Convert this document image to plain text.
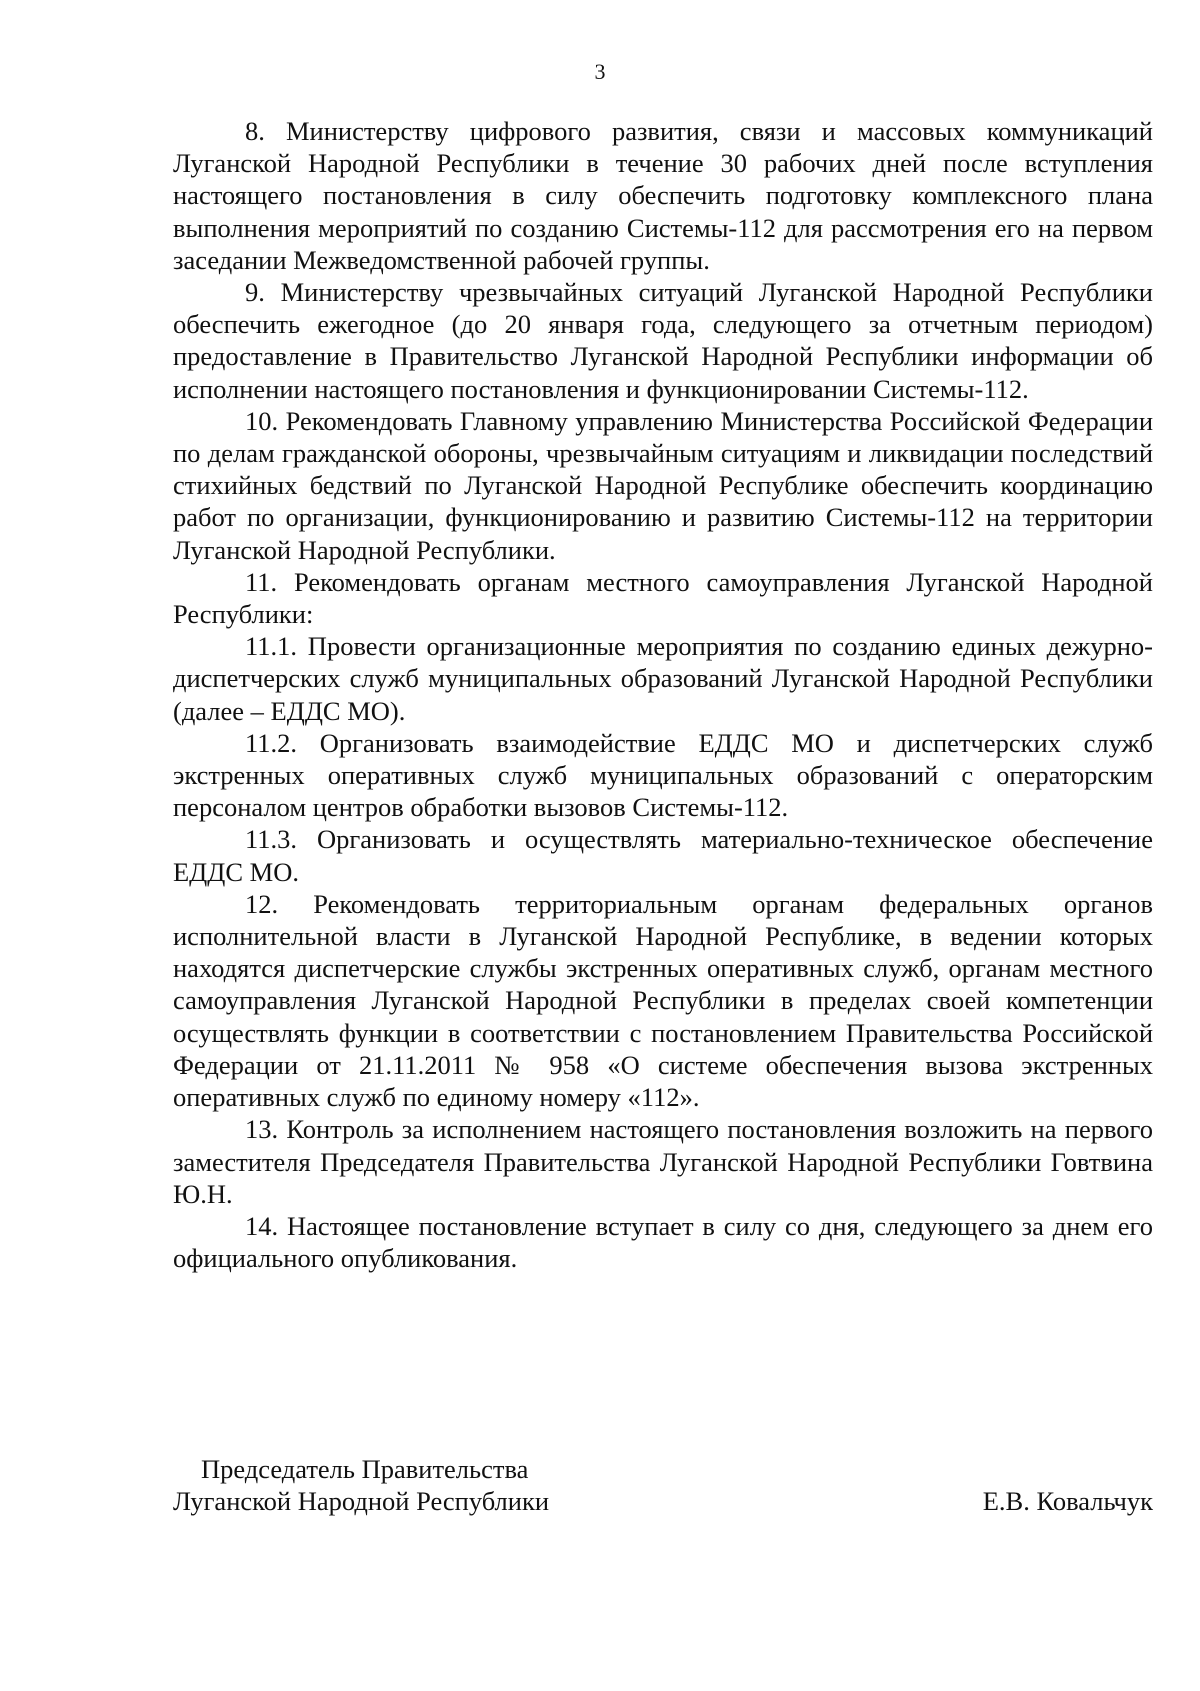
3

8. Министерству цифрового развития, связи и массовых коммуникаций Луганской Народной Республики в течение 30 рабочих дней после вступления настоящего постановления в силу обеспечить подготовку комплексного плана выполнения мероприятий по созданию Системы-112 для рассмотрения его на первом заседании Межведомственной рабочей группы.

9. Министерству чрезвычайных ситуаций Луганской Народной Республики обеспечить ежегодное (до 20 января года, следующего за отчетным периодом) предоставление в Правительство Луганской Народной Республики информации об исполнении настоящего постановления и функционировании Системы-112.

10. Рекомендовать Главному управлению Министерства Российской Федерации по делам гражданской обороны, чрезвычайным ситуациям и ликвидации последствий стихийных бедствий по Луганской Народной Республике обеспечить координацию работ по организации, функционированию и развитию Системы-112 на территории Луганской Народной Республики.

11. Рекомендовать органам местного самоуправления Луганской Народной Республики:

11.1. Провести организационные мероприятия по созданию единых дежурно-диспетчерских служб муниципальных образований Луганской Народной Республики (далее – ЕДДС МО).

11.2. Организовать взаимодействие ЕДДС МО и диспетчерских служб экстренных оперативных служб муниципальных образований с операторским персоналом центров обработки вызовов Системы-112.

11.3. Организовать и осуществлять материально-техническое обеспечение ЕДДС МО.

12. Рекомендовать территориальным органам федеральных органов исполнительной власти в Луганской Народной Республике, в ведении которых находятся диспетчерские службы экстренных оперативных служб, органам местного самоуправления Луганской Народной Республики в пределах своей компетенции осуществлять функции в соответствии с постановлением Правительства Российской Федерации от 21.11.2011 № 958 «О системе обеспечения вызова экстренных оперативных служб по единому номеру «112».

13. Контроль за исполнением настоящего постановления возложить на первого заместителя Председателя Правительства Луганской Народной Республики Говтвина Ю.Н.

14. Настоящее постановление вступает в силу со дня, следующего за днем его официального опубликования.

Председатель Правительства
Луганской Народной Республики	Е.В. Ковальчук
